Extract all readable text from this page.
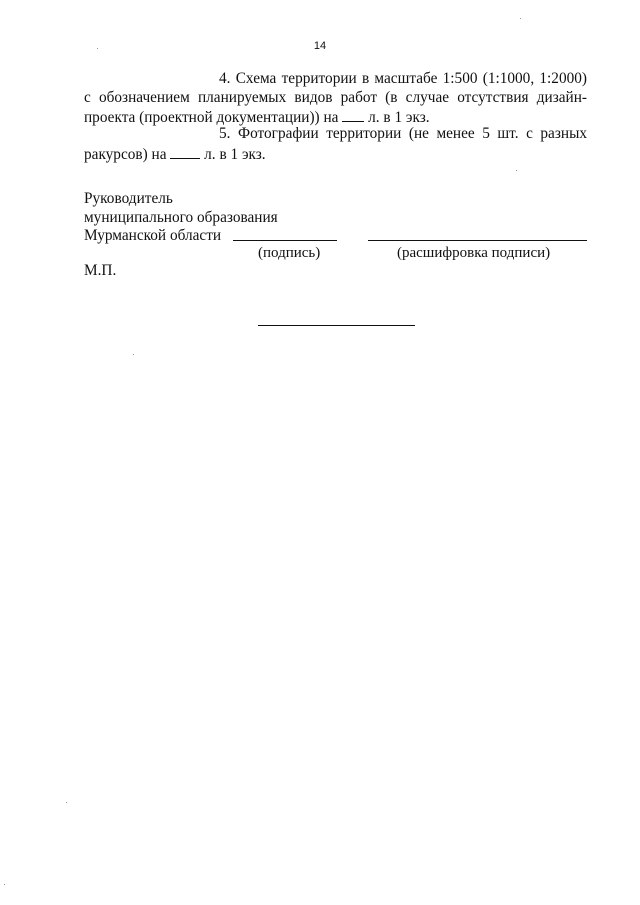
14

4. Схема территории в масштабе 1:500 (1:1000, 1:2000) с обозначением планируемых видов работ (в случае отсутствия дизайн-проекта (проектной документации)) на л. в 1 экз.

5. Фотографии территории (не менее 5 шт. с разных ракурсов) на л. в 1 экз.

Руководитель
муниципального образования
Мурманской области
(подпись)	(расшифровка подписи)
М.П.
